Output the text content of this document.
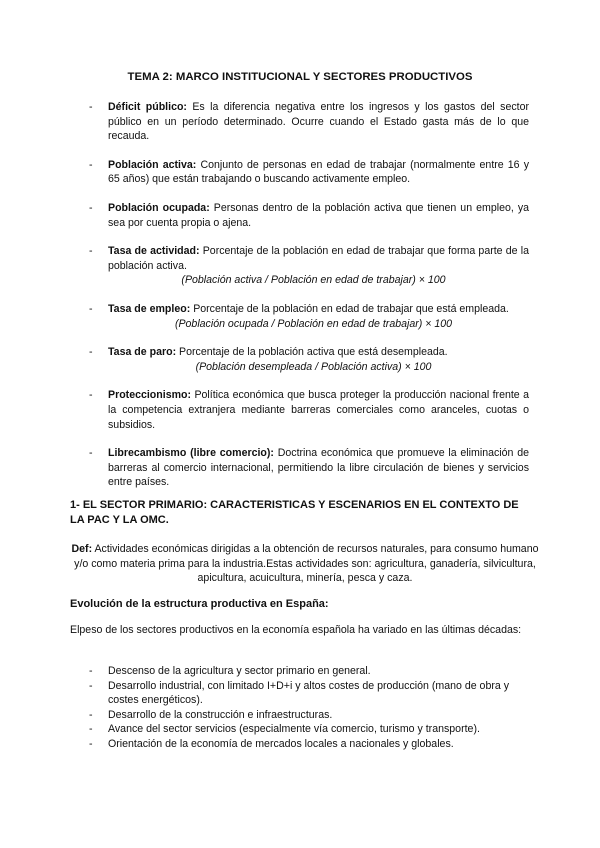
TEMA 2: MARCO INSTITUCIONAL Y SECTORES PRODUCTIVOS
- Déficit público: Es la diferencia negativa entre los ingresos y los gastos del sector público en un período determinado. Ocurre cuando el Estado gasta más de lo que recauda.
- Población activa: Conjunto de personas en edad de trabajar (normalmente entre 16 y 65 años) que están trabajando o buscando activamente empleo.
- Población ocupada: Personas dentro de la población activa que tienen un empleo, ya sea por cuenta propia o ajena.
- Tasa de actividad: Porcentaje de la población en edad de trabajar que forma parte de la población activa.
(Población activa / Población en edad de trabajar) × 100
- Tasa de empleo: Porcentaje de la población en edad de trabajar que está empleada.
(Población ocupada / Población en edad de trabajar) × 100
- Tasa de paro: Porcentaje de la población activa que está desempleada.
(Población desempleada / Población activa) × 100
- Proteccionismo: Política económica que busca proteger la producción nacional frente a la competencia extranjera mediante barreras comerciales como aranceles, cuotas o subsidios.
- Librecambismo (libre comercio): Doctrina económica que promueve la eliminación de barreras al comercio internacional, permitiendo la libre circulación de bienes y servicios entre países.
1- EL SECTOR PRIMARIO: CARACTERISTICAS Y ESCENARIOS EN EL CONTEXTO DE LA PAC Y LA OMC.
Def: Actividades económicas dirigidas a la obtención de recursos naturales, para consumo humano y/o como materia prima para la industria.Estas actividades son: agricultura, ganadería, silvicultura, apicultura, acuicultura, minería, pesca y caza.
Evolución de la estructura productiva en España:
Elpeso de los sectores productivos en la economía española ha variado en las últimas décadas:
- Descenso de la agricultura y sector primario en general.
- Desarrollo industrial, con limitado I+D+i y altos costes de producción (mano de obra y costes energéticos).
- Desarrollo de la construcción e infraestructuras.
- Avance del sector servicios (especialmente vía comercio, turismo y transporte).
- Orientación de la economía de mercados locales a nacionales y globales.
